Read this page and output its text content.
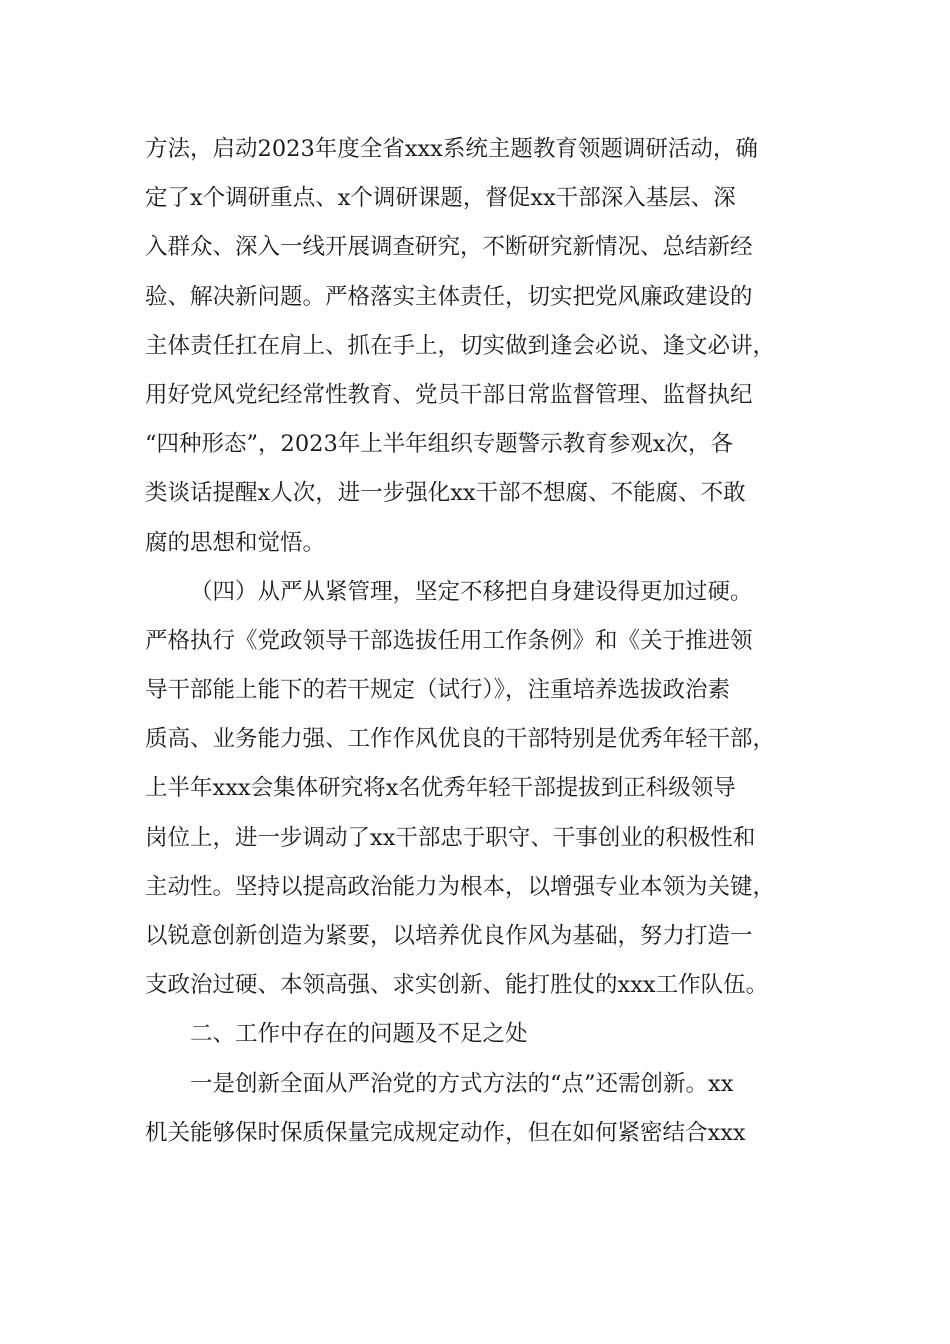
方法，启动2023年度全省xxx系统主题教育领题调研活动，确
定了x个调研重点、x个调研课题，督促xx干部深入基层、深
入群众、深入一线开展调查研究，不断研究新情况、总结新经
验、解决新问题。严格落实主体责任，切实把党风廉政建设的
主体责任扛在肩上、抓在手上，切实做到逢会必说、逢文必讲，
用好党风党纪经常性教育、党员干部日常监督管理、监督执纪
“四种形态”，2023年上半年组织专题警示教育参观x次，各
类谈话提醒x人次，进一步强化xx干部不想腐、不能腐、不敢
腐的思想和觉悟。
（四）从严从紧管理，坚定不移把自身建设得更加过硬。
严格执行《党政领导干部选拔任用工作条例》和《关于推进领
导干部能上能下的若干规定（试行）》，注重培养选拔政治素
质高、业务能力强、工作作风优良的干部特别是优秀年轻干部，
上半年xxx会集体研究将x名优秀年轻干部提拔到正科级领导
岗位上，进一步调动了xx干部忠于职守、干事创业的积极性和
主动性。坚持以提高政治能力为根本，以增强专业本领为关键，
以锐意创新创造为紧要，以培养优良作风为基础，努力打造一
支政治过硬、本领高强、求实创新、能打胜仗的xxx工作队伍。
二、工作中存在的问题及不足之处
一是创新全面从严治党的方式方法的“点”还需创新。xx
机关能够保时保质保量完成规定动作，但在如何紧密结合xxx
